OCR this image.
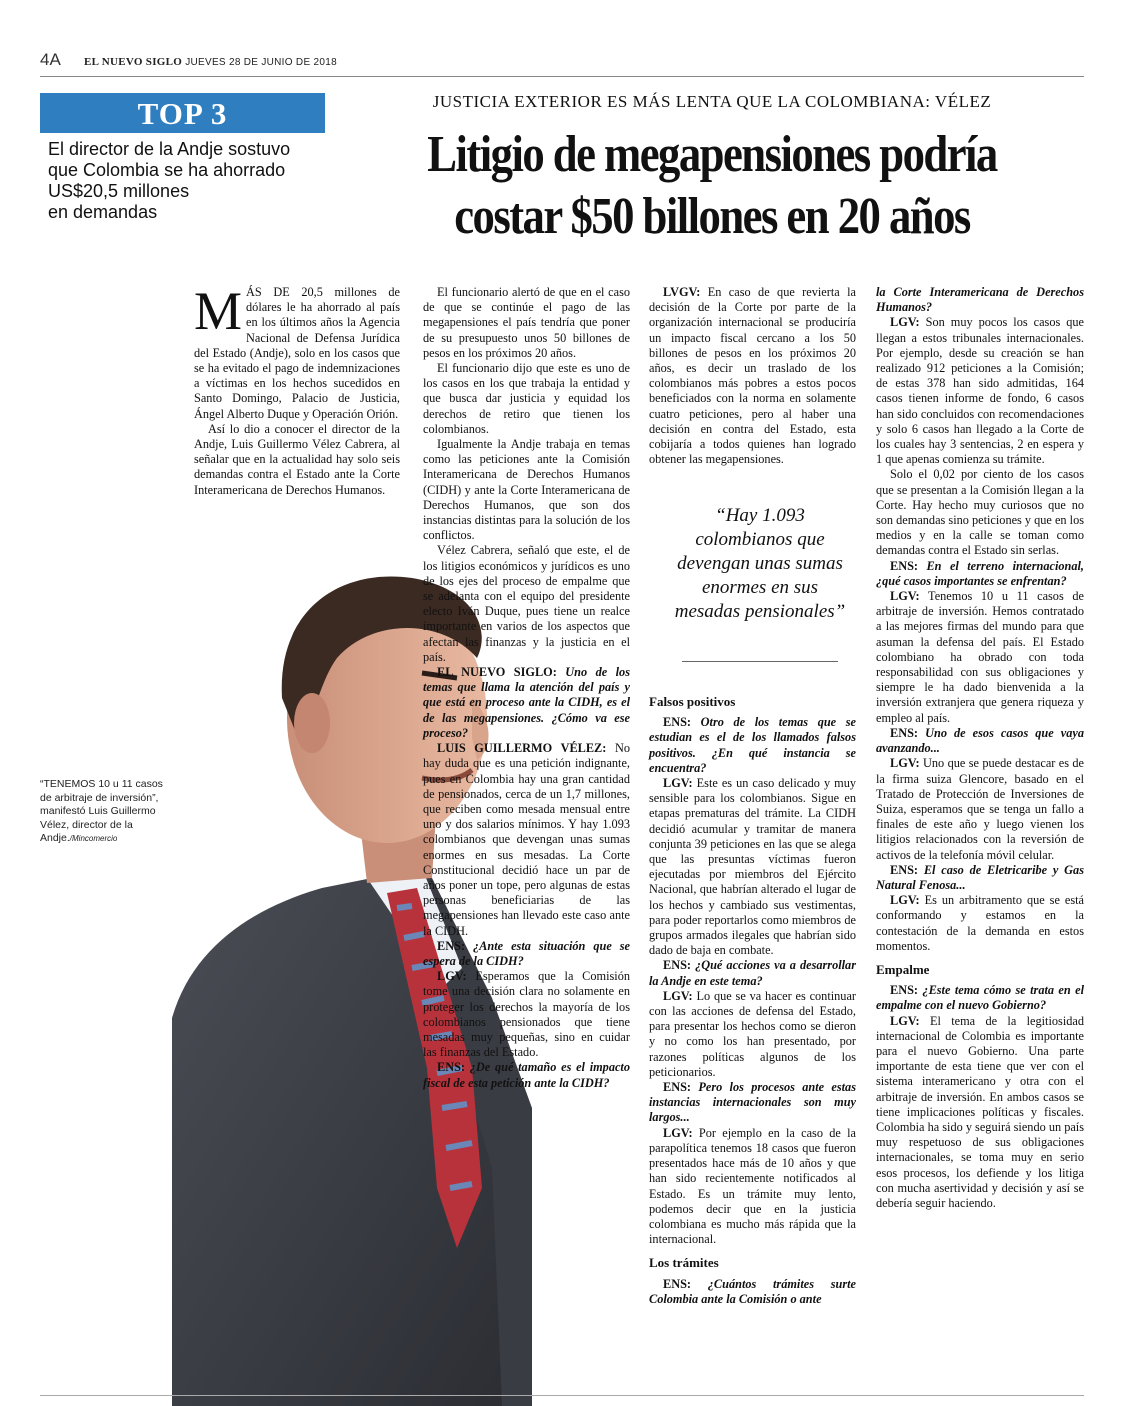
4A EL NUEVO SIGLO JUEVES 28 DE JUNIO DE 2018
TOP 3
El director de la Andje sostuvo
que Colombia se ha ahorrado
US$20,5 millones
en demandas
JUSTICIA EXTERIOR ES MÁS LENTA QUE LA COLOMBIANA: VÉLEZ
Litigio de megapensiones podría
costar $50 billones en 20 años

MÁS DE 20,5 millones de dólares le ha ahorrado al país en los últimos años la Agencia Nacional de Defensa Jurídica del Estado (Andje), solo en los casos que se ha evitado el pago de indemnizaciones a víctimas en los hechos sucedidos en Santo Domingo, Palacio de Justicia, Ángel Alberto Duque y Operación Orión.

Así lo dio a conocer el director de la Andje, Luis Guillermo Vélez Cabrera, al señalar que en la actualidad hay solo seis demandas contra el Estado ante la Corte Interamericana de Derechos Humanos.

El funcionario alertó de que en el caso de que se continúe el pago de las megapensiones el país tendría que poner de su presupuesto unos 50 billones de pesos en los próximos 20 años.

El funcionario dijo que este es uno de los casos en los que trabaja la entidad y que busca dar justicia y equidad los derechos de retiro que tienen los colombianos.

Igualmente la Andje trabaja en temas como las peticiones ante la Comisión Interamericana de Derechos Humanos (CIDH) y ante la Corte Interamericana de Derechos Humanos, que son dos instancias distintas para la solución de los conflictos.

Vélez Cabrera, señaló que este, el de los litigios económicos y jurídicos es uno de los ejes del proceso de empalme que se adelanta con el equipo del presidente electo Iván Duque, pues tiene un realce importante en varios de los aspectos que afectan las finanzas y la justicia en el país.

EL NUEVO SIGLO: Uno de los temas que llama la atención del país y que está en proceso ante la CIDH, es el de las megapensiones. ¿Cómo va ese proceso?

LUIS GUILLERMO VÉLEZ: No hay duda que es una petición indignante, pues en Colombia hay una gran cantidad de pensionados, cerca de un 1,7 millones, que reciben como mesada mensual entre uno y dos salarios mínimos. Y hay 1.093 colombianos que devengan unas sumas enormes en sus mesadas. La Corte Constitucional decidió hace un par de años poner un tope, pero algunas de estas personas beneficiarias de las megapensiones han llevado este caso ante la CIDH.

ENS: ¿Ante esta situación que se espera de la CIDH?

LGV: Esperamos que la Comisión tome una decisión clara no solamente en proteger los derechos la mayoría de los colombianos pensionados que tiene mesadas muy pequeñas, sino en cuidar las finanzas del Estado.

ENS: ¿De qué tamaño es el impacto fiscal de esta petición ante la CIDH?

LVGV: En caso de que revierta la decisión de la Corte por parte de la organización internacional se produciría un impacto fiscal cercano a los 50 billones de pesos en los próximos 20 años, es decir un traslado de los colombianos más pobres a estos pocos beneficiados con la norma en solamente cuatro peticiones, pero al haber una decisión en contra del Estado, esta cobijaría a todos quienes han logrado obtener las megapensiones.

“Hay 1.093 colombianos que devengan unas sumas enormes en sus mesadas pensionales”
Falsos positivos

ENS: Otro de los temas que se estudian es el de los llamados falsos positivos. ¿En qué instancia se encuentra?

LGV: Este es un caso delicado y muy sensible para los colombianos. Sigue en etapas prematuras del trámite. La CIDH decidió acumular y tramitar de manera conjunta 39 peticiones en las que se alega que las presuntas víctimas fueron ejecutadas por miembros del Ejército Nacional, que habrían alterado el lugar de los hechos y cambiado sus vestimentas, para poder reportarlos como miembros de grupos armados ilegales que habrían sido dado de baja en combate.

ENS: ¿Qué acciones va a desarrollar la Andje en este tema?

LGV: Lo que se va hacer es continuar con las acciones de defensa del Estado, para presentar los hechos como se dieron y no como los han presentado, por razones políticas algunos de los peticionarios.

ENS: Pero los procesos ante estas instancias internacionales son muy largos...

LGV: Por ejemplo en la caso de la parapolítica tenemos 18 casos que fueron presentados hace más de 10 años y que han sido recientemente notificados al Estado. Es un trámite muy lento, podemos decir que en la justicia colombiana es mucho más rápida que la internacional.

Los trámites

ENS: ¿Cuántos trámites surte Colombia ante la Comisión o ante

la Corte Interamericana de Derechos Humanos?

LGV: Son muy pocos los casos que llegan a estos tribunales internacionales. Por ejemplo, desde su creación se han realizado 912 peticiones a la Comisión; de estas 378 han sido admitidas, 164 casos tienen informe de fondo, 6 casos han sido concluidos con recomendaciones y solo 6 casos han llegado a la Corte de los cuales hay 3 sentencias, 2 en espera y 1 que apenas comienza su trámite.

Solo el 0,02 por ciento de los casos que se presentan a la Comisión llegan a la Corte. Hay hecho muy curiosos que no son demandas sino peticiones y que en los medios y en la calle se toman como demandas contra el Estado sin serlas.

ENS: En el terreno internacional, ¿qué casos importantes se enfrentan?

LGV: Tenemos 10 u 11 casos de arbitraje de inversión. Hemos contratado a las mejores firmas del mundo para que asuman la defensa del país. El Estado colombiano ha obrado con toda responsabilidad con sus obligaciones y siempre le ha dado bienvenida a la inversión extranjera que genera riqueza y empleo al país.

ENS: Uno de esos casos que vaya avanzando...

LGV: Uno que se puede destacar es de la firma suiza Glencore, basado en el Tratado de Protección de Inversiones de Suiza, esperamos que se tenga un fallo a finales de este año y luego vienen los litigios relacionados con la reversión de activos de la telefonía móvil celular.

ENS: El caso de Eletricaribe y Gas Natural Fenosa...

LGV: Es un arbitramento que se está conformando y estamos en la contestación de la demanda en estos momentos.

Empalme

ENS: ¿Este tema cómo se trata en el empalme con el nuevo Gobierno?

LGV: El tema de la legitiosidad internacional de Colombia es importante para el nuevo Gobierno. Una parte importante de esta tiene que ver con el sistema interamericano y otra con el arbitraje de inversión. En ambos casos se tiene implicaciones políticas y fiscales. Colombia ha sido y seguirá siendo un país muy respetuoso de sus obligaciones internacionales, se toma muy en serio esos procesos, los defiende y los litiga con mucha asertividad y decisión y así se debería seguir haciendo.

“TENEMOS 10 u 11 casos de arbitraje de inversión”, manifestó Luis Guillermo Vélez, director de la Andje./Mincomercio
